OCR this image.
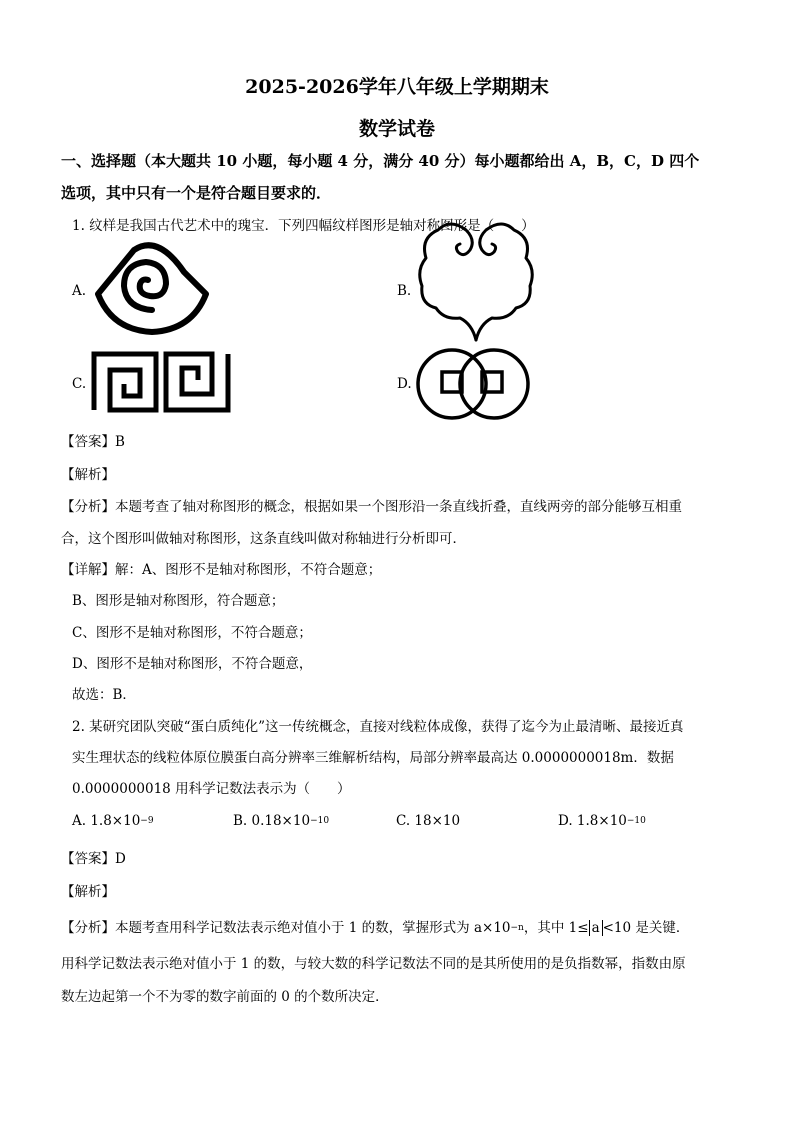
2025-2026学年八年级上学期期末
数学试卷
一、选择题（本大题共 10 小题，每小题 4 分，满分 40 分）每小题都给出 A，B，C，D 四个
选项，其中只有一个是符合题目要求的．
1. 纹样是我国古代艺术中的瑰宝．下列四幅纹样图形是轴对称图形是（　　）
A.	B.
C.	D.
【答案】B
【解析】
【分析】本题考查了轴对称图形的概念，根据如果一个图形沿一条直线折叠，直线两旁的部分能够互相重
合，这个图形叫做轴对称图形，这条直线叫做对称轴进行分析即可．
【详解】解：A、图形不是轴对称图形，不符合题意；
B、图形是轴对称图形，符合题意；
C、图形不是轴对称图形，不符合题意；
D、图形不是轴对称图形，不符合题意，
故选：B．
2. 某研究团队突破“蛋白质纯化”这一传统概念，直接对线粒体成像，获得了迄今为止最清晰、最接近真
实生理状态的线粒体原位膜蛋白高分辨率三维解析结构，局部分辨率最高达 0.0000000018m．数据
0.0000000018 用科学记数法表示为（　　）
A. $1.8\times 10^{-9}$	B. $0.18\times 10^{-10}$	C. 18×10	D. $1.8\times 10^{-10}$
【答案】D
【解析】
【分析】本题考查用科学记数法表示绝对值小于 1 的数，掌握形式为 $a\times 10^{-n}$，其中 1≤ a <10 是关键．
用科学记数法表示绝对值小于 1 的数，与较大数的科学记数法不同的是其所使用的是负指数幂，指数由原
数左边起第一个不为零的数字前面的 0 的个数所决定．
